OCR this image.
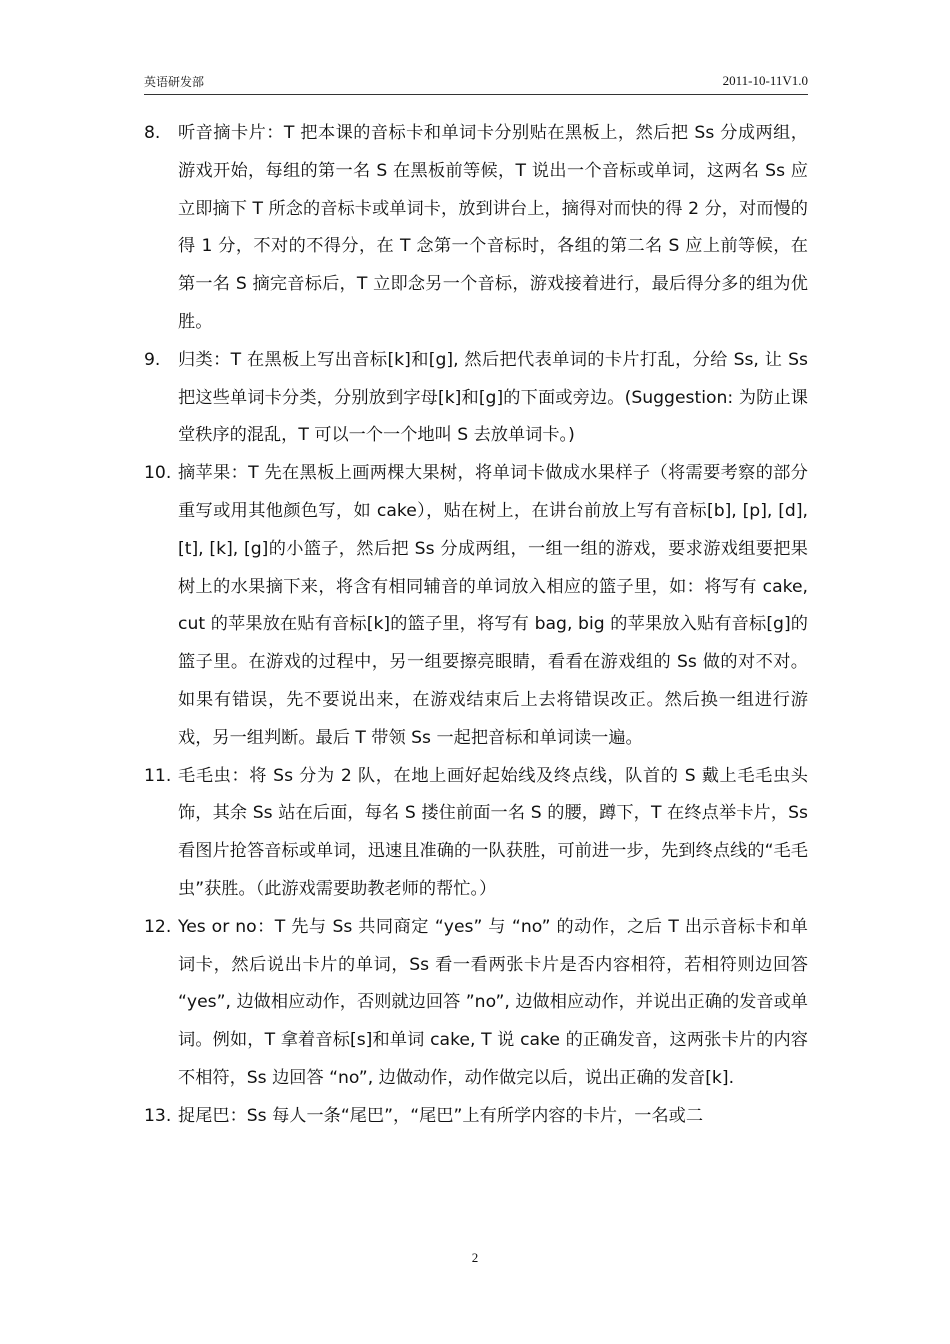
英语研发部	2011-10-11V1.0
8. 听音摘卡片：T 把本课的音标卡和单词卡分别贴在黑板上，然后把 Ss 分成两组，游戏开始，每组的第一名 S 在黑板前等候，T 说出一个音标或单词，这两名 Ss 应立即摘下 T 所念的音标卡或单词卡，放到讲台上，摘得对而快的得 2 分，对而慢的得 1 分，不对的不得分，在 T 念第一个音标时，各组的第二名 S 应上前等候，在第一名 S 摘完音标后，T 立即念另一个音标，游戏接着进行，最后得分多的组为优胜。
9. 归类：T 在黑板上写出音标[k]和[g], 然后把代表单词的卡片打乱，分给 Ss, 让 Ss 把这些单词卡分类，分别放到字母[k]和[g]的下面或旁边。(Suggestion: 为防止课堂秩序的混乱，T 可以一个一个地叫 S 去放单词卡。)
10. 摘苹果：T 先在黑板上画两棵大果树，将单词卡做成水果样子（将需要考察的部分重写或用其他颜色写，如 cake），贴在树上，在讲台前放上写有音标[b], [p], [d], [t], [k], [g]的小篮子，然后把 Ss 分成两组，一组一组的游戏，要求游戏组要把果树上的水果摘下来，将含有相同辅音的单词放入相应的篮子里，如：将写有 cake, cut 的苹果放在贴有音标[k]的篮子里，将写有 bag, big 的苹果放入贴有音标[g]的篮子里。在游戏的过程中，另一组要擦亮眼睛，看看在游戏组的 Ss 做的对不对。如果有错误，先不要说出来，在游戏结束后上去将错误改正。然后换一组进行游戏，另一组判断。最后 T 带领 Ss 一起把音标和单词读一遍。
11. 毛毛虫：将 Ss 分为 2 队，在地上画好起始线及终点线，队首的 S 戴上毛毛虫头饰，其余 Ss 站在后面，每名 S 搂住前面一名 S 的腰，蹲下，T 在终点举卡片，Ss 看图片抢答音标或单词，迅速且准确的一队获胜，可前进一步，先到终点线的“毛毛虫”获胜。（此游戏需要助教老师的帮忙。）
12. Yes or no：T 先与 Ss 共同商定 “yes” 与 “no” 的动作，之后 T 出示音标卡和单词卡，然后说出卡片的单词，Ss 看一看两张卡片是否内容相符，若相符则边回答 “yes”, 边做相应动作，否则就边回答 ”no”, 边做相应动作，并说出正确的发音或单词。例如，T 拿着音标[s]和单词 cake, T 说 cake 的正确发音，这两张卡片的内容不相符，Ss 边回答 “no”, 边做动作，动作做完以后，说出正确的发音[k].
13. 捉尾巴：Ss 每人一条“尾巴”，“尾巴”上有所学内容的卡片，一名或二
2
